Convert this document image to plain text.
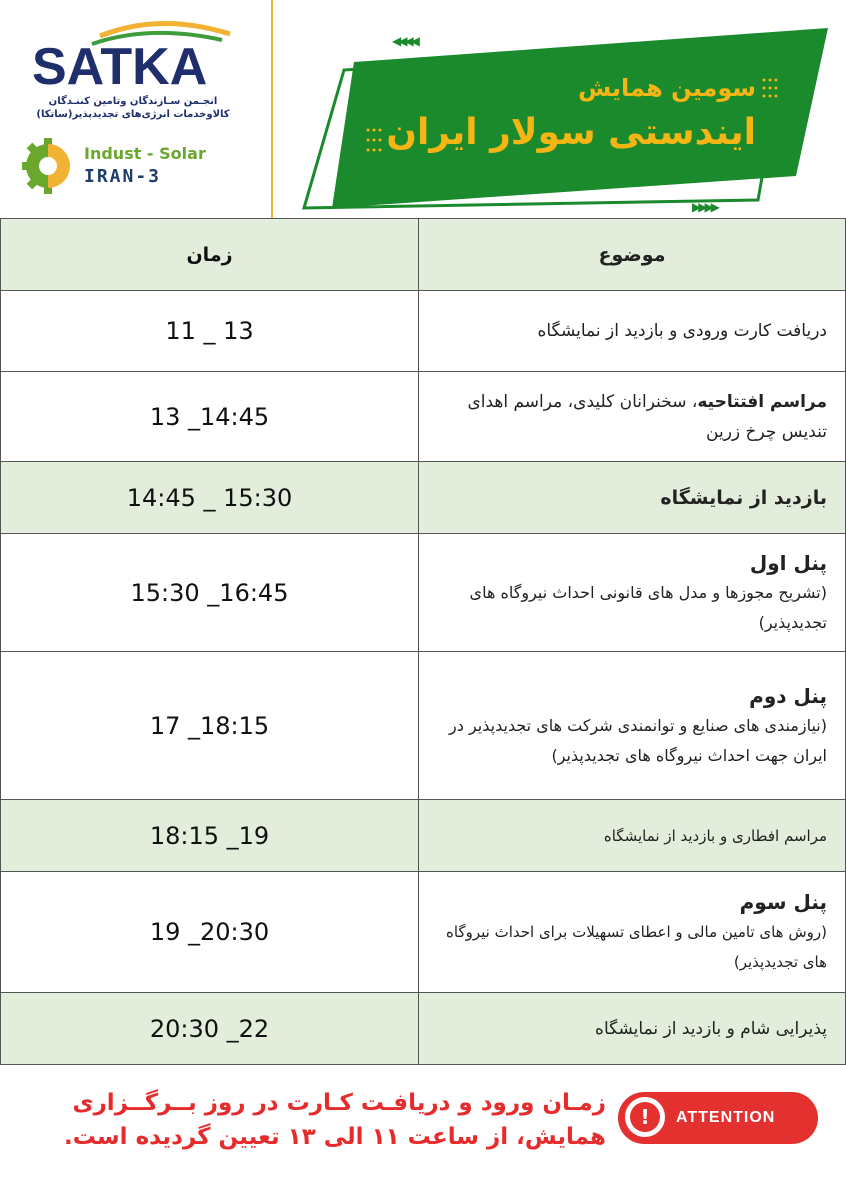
SATKA
انجـمن سـازندگان وتامین کننـدگان
کالاوخدمات انرژی‌های تجدیدپذیر(ساتکا)
Indust - Solar
IRAN-3
◀◀◀◀
▶▶▶▶
سومین همایش
ایندستی سولار ایران
زمان	موضوع
11 _ 13	دریافت کارت ورودی و بازدید از نمایشگاه
13 _14:45	مراسم افتتاحیه، سخنرانان کلیدی، مراسم اهدای تندیس چرخ زرین
14:45 _ 15:30	بازدید از نمایشگاه
15:30 _16:45	پنل اول
(تشریح مجوزها و مدل های قانونی احداث نیروگاه های تجدیدپذیر)

17 _18:15	پنل دوم
(نیازمندی های صنایع و توانمندی شرکت های تجدیدپذیر در ایران جهت احداث نیروگاه های تجدیدپذیر)

18:15 _19	مراسم افطاری و بازدید از نمایشگاه
19 _20:30	پنل سوم
(روش های تامین مالی و اعطای تسهیلات برای احداث نیروگاه های تجدیدپذیر)

20:30 _22	پذیرایی شام و بازدید از نمایشگاه
!	ATTENTION
زمـان ورود و دریافـت کـارت در روز بــرگــزاری
همایش، از ساعت ۱۱ الی ۱۳ تعیین گردیده است.
